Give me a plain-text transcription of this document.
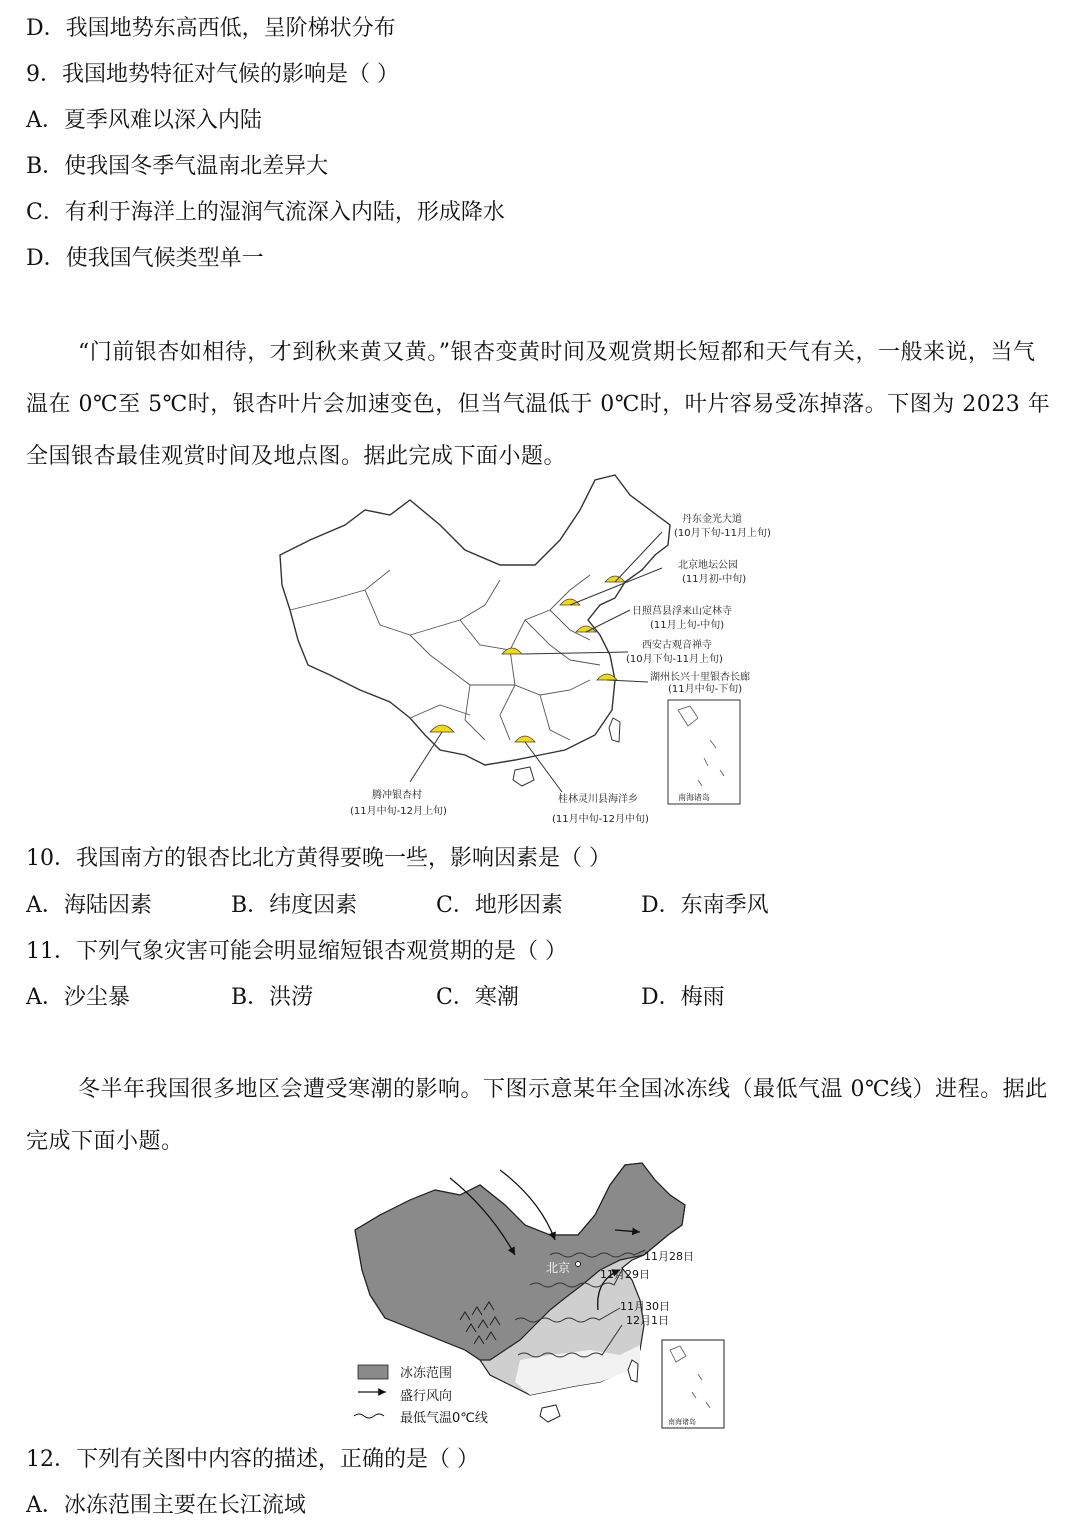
D．我国地势东高西低，呈阶梯状分布
9．我国地势特征对气候的影响是（ ）
A．夏季风难以深入内陆
B．使我国冬季气温南北差异大
C．有利于海洋上的湿润气流深入内陆，形成降水
D．使我国气候类型单一
“门前银杏如相待，才到秋来黄又黄。”银杏变黄时间及观赏期长短都和天气有关，一般来说，当气温在 0℃至 5℃时，银杏叶片会加速变色，但当气温低于 0℃时，叶片容易受冻掉落。下图为 2023 年全国银杏最佳观赏时间及地点图。据此完成下面小题。
丹东金光大道
(10月下旬-11月上旬)
北京地坛公园
(11月初-中旬)
日照莒县浮来山定林寺
(11月上旬-中旬)
西安古观音禅寺
(10月下旬-11月上旬)
湖州长兴十里银杏长廊
(11月中旬-下旬)
腾冲银杏村
(11月中旬-12月上旬)
桂林灵川县海洋乡
(11月中旬-12月中旬)
南海诸岛
10．我国南方的银杏比北方黄得要晚一些，影响因素是（ ）
A．海陆因素	B．纬度因素	C．地形因素	D．东南季风
11．下列气象灾害可能会明显缩短银杏观赏期的是（ ）
A．沙尘暴	B．洪涝	C．寒潮	D．梅雨
冬半年我国很多地区会遭受寒潮的影响。下图示意某年全国冰冻线（最低气温 0℃线）进程。据此完成下面小题。
北京
11月28日
11月29日
11月30日
12月1日
冰冻范围
盛行风向
最低气温0℃线	南海诸岛
12．下列有关图中内容的描述，正确的是（ ）
A．冰冻范围主要在长江流域
